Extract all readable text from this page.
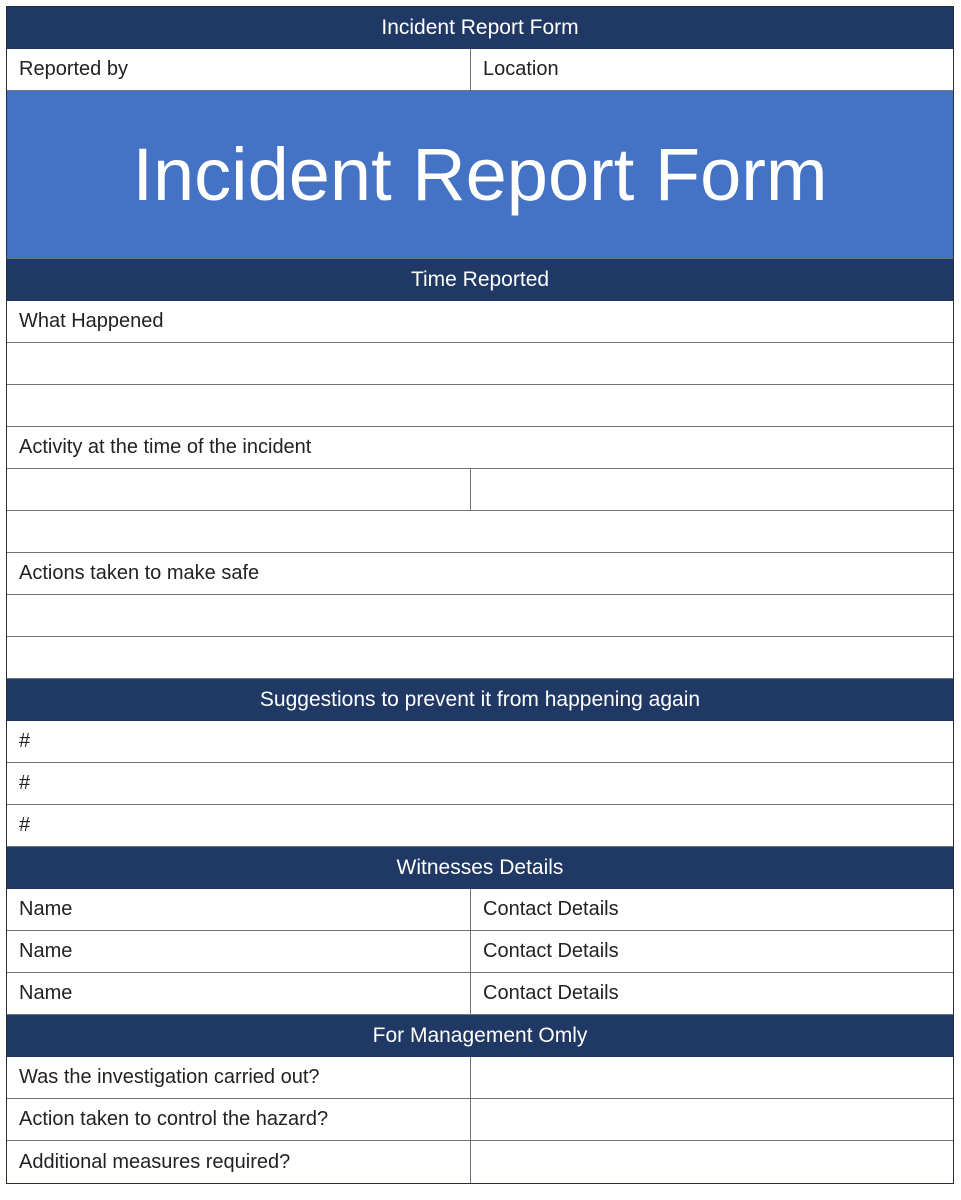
Incident Report Form
Reported by	Location
Incident Report Form
Time Reported
What Happened
Activity at the time of the incident
Actions taken to make safe
Suggestions to prevent it from happening again
#
#
#
Witnesses Details
Name	Contact Details
Name	Contact Details
Name	Contact Details
For Management Omly
Was the investigation carried out?
Action taken to control the hazard?
Additional measures required?
